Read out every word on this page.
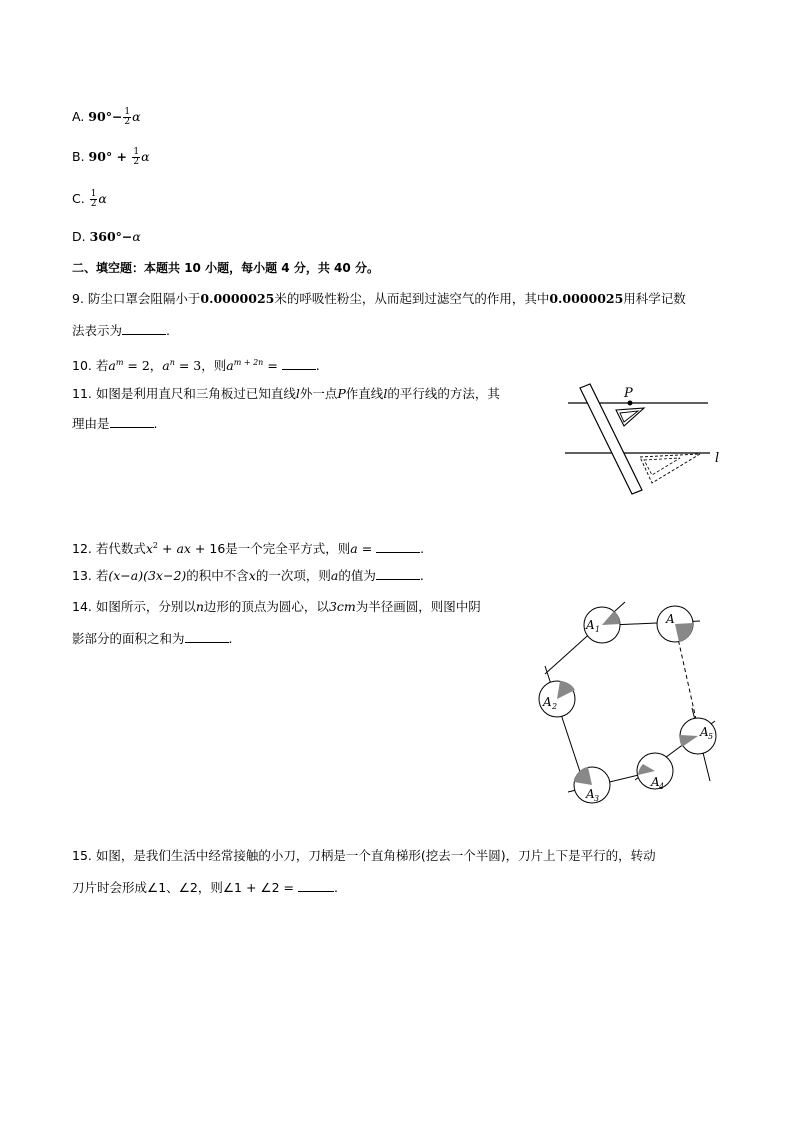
A. $90^\circ- \frac{1}{2}$ α
B. $90^\circ + \frac{1}{2}$ α
C. $\frac{1}{2}$ α
D. 360°−α
二、填空题：本题共 10 小题，每小题 4 分，共 40 分。
9. 防尘口罩会阻隔小于0.0000025米的呼吸性粉尘，从而起到过滤空气的作用，其中0.0000025用科学记数
法表示为	.
10. 若$a^m = 2$，$a^n = 3$，则$a^{m + 2n}$ =	.
11. 如图是利用直尺和三角板过已知直线l外一点P作直线l的平行线的方法，其
理由是	.
P
l
12. 若代数式$x^2$ + ax + 16是一个完全平方式，则a =	.
13. 若(x−a)(3x−2)的积中不含x的一次项，则a的值为	.
14. 如图所示，分别以n边形的顶点为圆心，以3cm为半径画圆，则图中阴
影部分的面积之和为	.
A 1
A
A 2
A 3
A 4
A 5
15. 如图，是我们生活中经常接触的小刀，刀柄是一个直角梯形(挖去一个半圆)，刀片上下是平行的，转动
刀片时会形成∠1、∠2，则∠1 + ∠2 =	.
